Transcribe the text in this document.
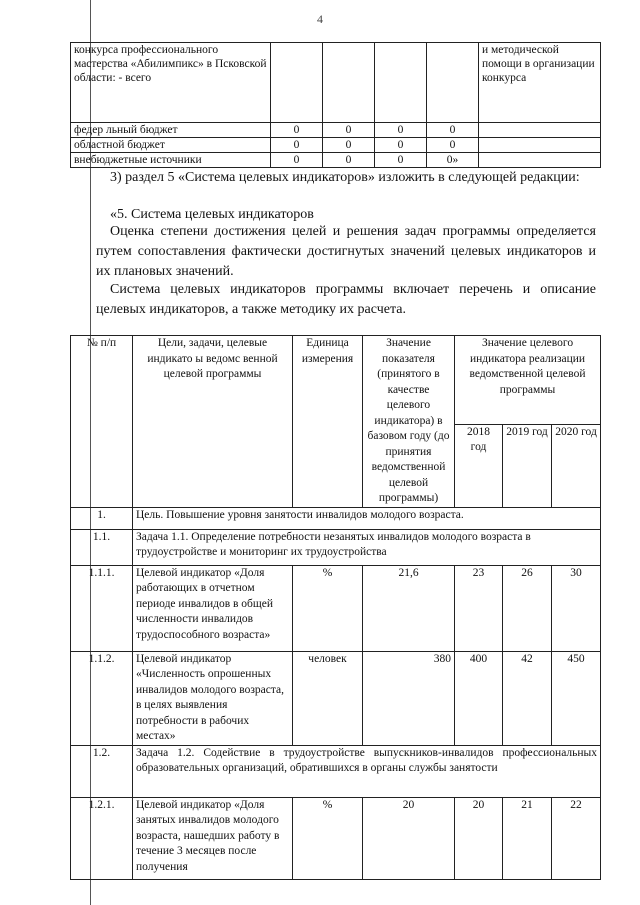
4
конкурса профессионального мастерства «Абилимпикс» в Псковской области: - всего					и методической помощи в организации конкурса
федер льный бюджет	0	0	0	0	
областной бюджет	0	0	0	0	
внебюджетные источники	0	0	0	0»	
3) раздел 5 «Система целевых индикаторов» изложить в следующей редакции:
«5. Система целевых индикаторов
Оценка степени достижения целей и решения задач программы определяется путем сопоставления фактически достигнутых значений целевых индикаторов и их плановых значений.
Система целевых индикаторов программы включает перечень и описание целевых индикаторов, а также методику их расчета.
№ п/п	Цели, задачи, целевые индикато ы ведомс венной целевой программы	Единица измерения	Значение показателя (принятого в качестве целевого индикатора) в базовом году (до принятия ведомственной целевой программы)	Значение целевого индикатора реализации ведомственной целевой программы		
				2018 год	2019 год	2020 год
1.	Цель. Повышение уровня занятости инвалидов молодого возраста.					
1.1.	Задача 1.1. Определение потребности незанятых инвалидов молодого возраста в трудоустройстве и мониторинг их трудоустройства					
1.1.1.	Целевой индикатор «Доля работающих в отчетном периоде инвалидов в общей численности инвалидов трудоспособного возраста»	%	21,6	23	26	30
1.1.2.	Целевой индикатор «Численность опрошенных инвалидов молодого возраста, в целях выявления потребности в рабочих местах»	человек	380	400	42	450
1.2.	Задача 1.2. Содействие в трудоустройстве выпускников-инвалидов профессиональных образовательных организаций, обратившихся в органы службы занятости					
1.2.1.	Целевой индикатор «Доля занятых инвалидов молодого возраста, нашедших работу в течение 3 месяцев после получения	%	20	20	21	22
